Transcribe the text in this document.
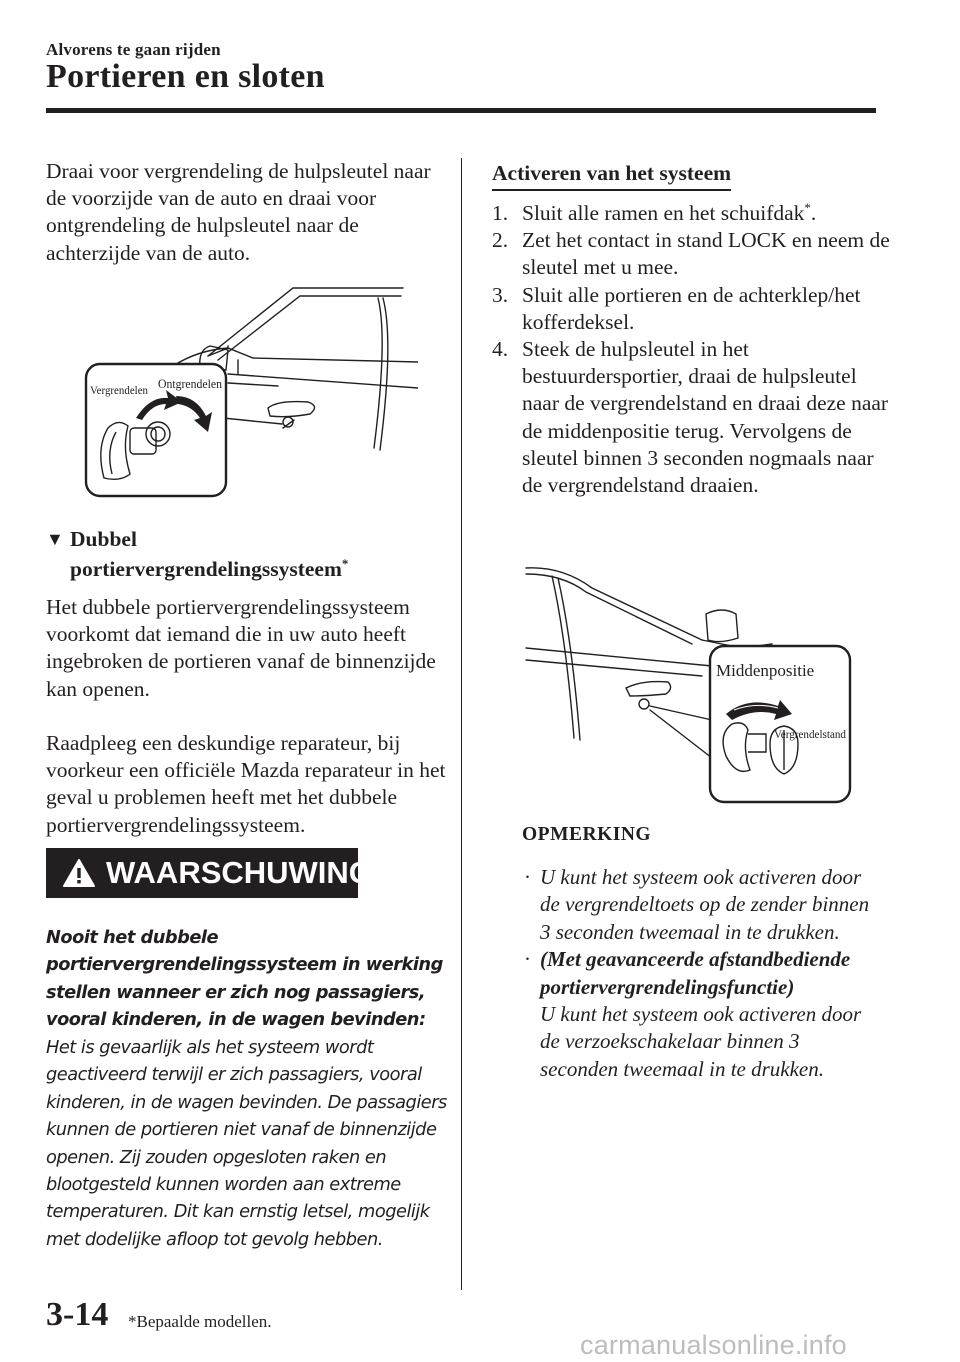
Alvorens te gaan rijden
Portieren en sloten
Draai voor vergrendeling de hulpsleutel naar de voorzijde van de auto en draai voor ontgrendeling de hulpsleutel naar de achterzijde van de auto.
Vergrendelen Ontgrendelen
▼ Dubbel
portiervergrendelingssysteem*
Het dubbele portiervergrendelingssysteem voorkomt dat iemand die in uw auto heeft ingebroken de portieren vanaf de binnenzijde kan openen.
Raadpleeg een deskundige reparateur, bij voorkeur een officiële Mazda reparateur in het geval u problemen heeft met het dubbele portiervergrendelingssysteem.
WAARSCHUWING
Nooit het dubbele portiervergrendelingssysteem in werking stellen wanneer er zich nog passagiers, vooral kinderen, in de wagen bevinden:
Het is gevaarlijk als het systeem wordt geactiveerd terwijl er zich passagiers, vooral kinderen, in de wagen bevinden. De passagiers kunnen de portieren niet vanaf de binnenzijde openen. Zij zouden opgesloten raken en blootgesteld kunnen worden aan extreme temperaturen. Dit kan ernstig letsel, mogelijk met dodelijke afloop tot gevolg hebben.
Activeren van het systeem
1. Sluit alle ramen en het schuifdak*.
2. Zet het contact in stand LOCK en neem de sleutel met u mee.
3. Sluit alle portieren en de achterklep/het kofferdeksel.
4. Steek de hulpsleutel in het bestuurdersportier, draai de hulpsleutel naar de vergrendelstand en draai deze naar de middenpositie terug. Vervolgens de sleutel binnen 3 seconden nogmaals naar de vergrendelstand draaien.
Middenpositie
Vergrendelstand
OPMERKING
· U kunt het systeem ook activeren door de vergrendeltoets op de zender binnen 3 seconden tweemaal in te drukken.
· (Met geavanceerde afstandbediende portiervergrendelingsfunctie)
U kunt het systeem ook activeren door de verzoekschakelaar binnen 3 seconden tweemaal in te drukken.
3-14 *Bepaalde modellen.
carmanualsonline.info
